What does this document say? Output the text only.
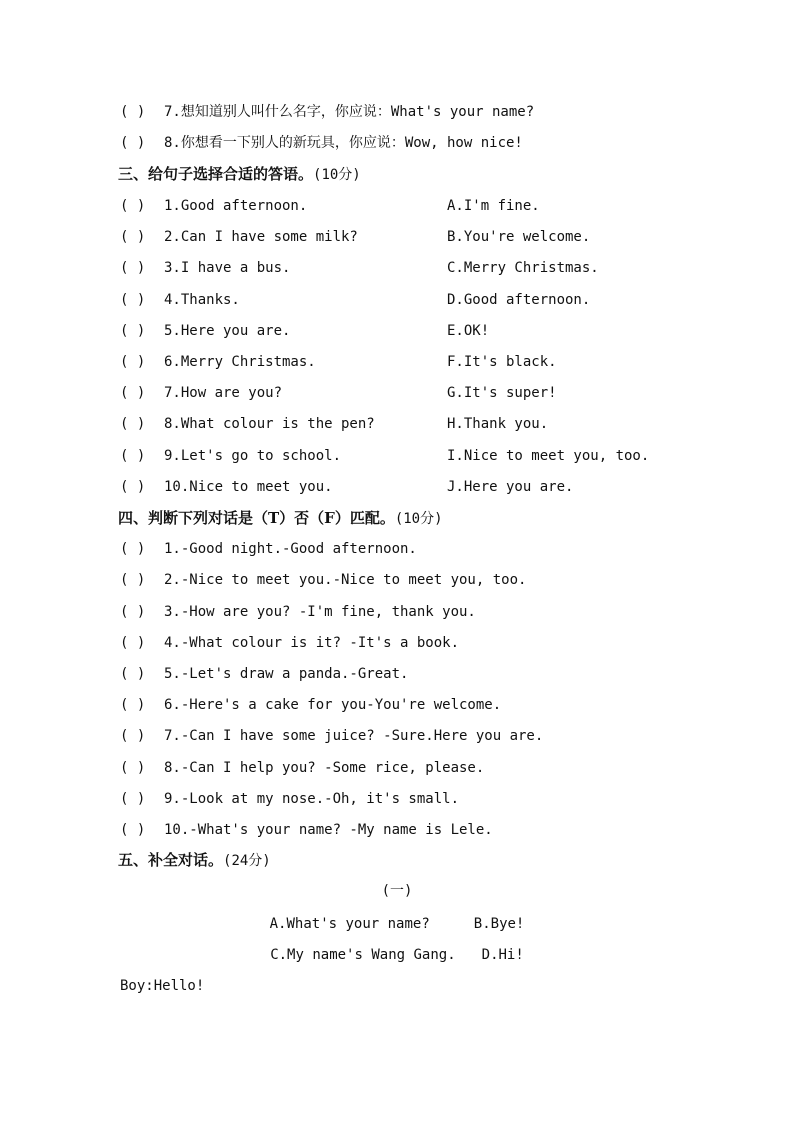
( ) 7.想知道别人叫什么名字，你应说：What's your name?
( ) 8.你想看一下别人的新玩具，你应说：Wow, how nice!
三、给句子选择合适的答语。(10分)
( ) 1.Good afternoon.	A.I'm fine.
( ) 2.Can I have some milk?	B.You're welcome.
( ) 3.I have a bus.	C.Merry Christmas.
( ) 4.Thanks.	D.Good afternoon.
( ) 5.Here you are.	E.OK!
( ) 6.Merry Christmas.	F.It's black.
( ) 7.How are you?	G.It's super!
( ) 8.What colour is the pen?	H.Thank you.
( ) 9.Let's go to school.	I.Nice to meet you, too.
( ) 10.Nice to meet you.	J.Here you are.
四、判断下列对话是（T）否（F）匹配。(10分)
( ) 1.-Good night.-Good afternoon.
( ) 2.-Nice to meet you.-Nice to meet you, too.
( ) 3.-How are you? -I'm fine, thank you.
( ) 4.-What colour is it? -It's a book.
( ) 5.-Let's draw a panda.-Great.
( ) 6.-Here's a cake for you-You're welcome.
( ) 7.-Can I have some juice? -Sure.Here you are.
( ) 8.-Can I help you? -Some rice, please.
( ) 9.-Look at my nose.-Oh, it's small.
( ) 10.-What's your name? -My name is Lele.
五、补全对话。(24分)
(一)
A.What's your name?	B.Bye!
C.My name's Wang Gang. D.Hi!
Boy:Hello!
